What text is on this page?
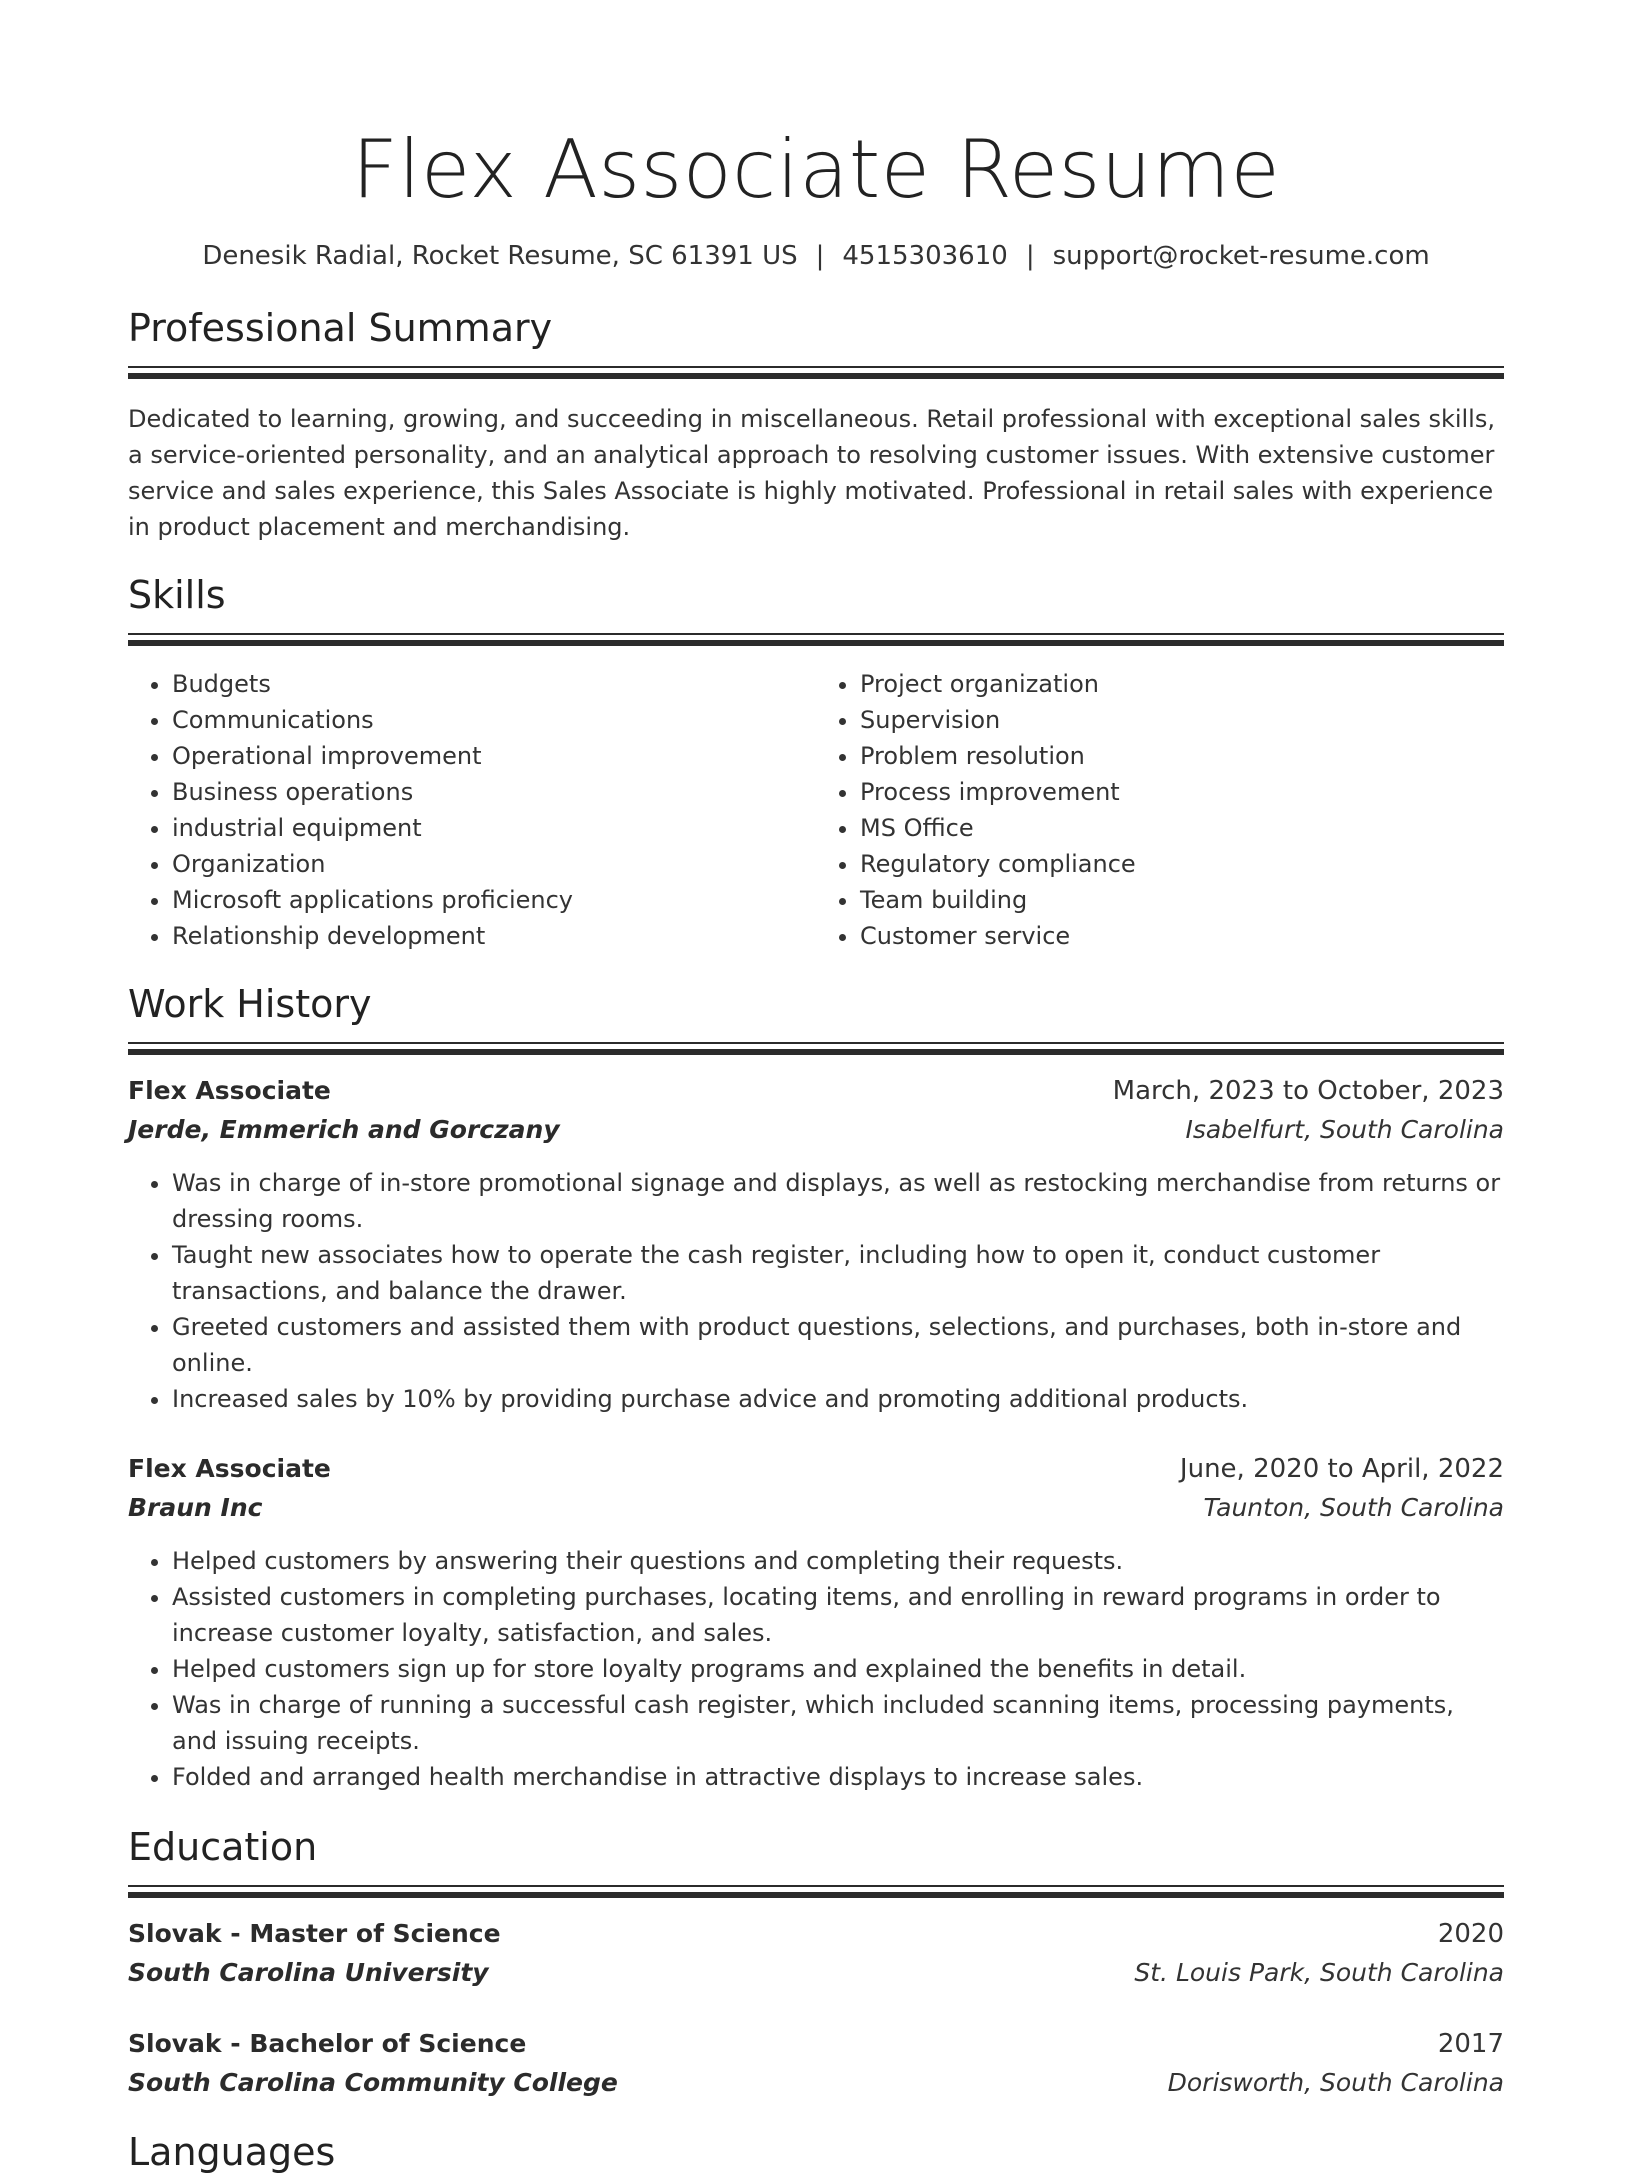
Flex Associate Resume
Denesik Radial, Rocket Resume, SC 61391 US | 4515303610 | support@rocket-resume.com
Professional Summary

Dedicated to learning, growing, and succeeding in miscellaneous. Retail professional with exceptional sales skills, a service-oriented personality, and an analytical approach to resolving customer issues. With extensive customer service and sales experience, this Sales Associate is highly motivated. Professional in retail sales with experience in product placement and merchandising.

Skills
• Budgets
• Communications
• Operational improvement
• Business operations
• industrial equipment
• Organization
• Microsoft applications proficiency
• Relationship development
• Project organization
• Supervision
• Problem resolution
• Process improvement
• MS Office
• Regulatory compliance
• Team building
• Customer service
Work History
Flex Associate	March, 2023 to October, 2023
Jerde, Emmerich and Gorczany	Isabelfurt, South Carolina
• Was in charge of in-store promotional signage and displays, as well as restocking merchandise from returns or dressing rooms.
• Taught new associates how to operate the cash register, including how to open it, conduct customer transactions, and balance the drawer.
• Greeted customers and assisted them with product questions, selections, and purchases, both in-store and online.
• Increased sales by 10% by providing purchase advice and promoting additional products.
Flex Associate	June, 2020 to April, 2022
Braun Inc	Taunton, South Carolina
• Helped customers by answering their questions and completing their requests.
• Assisted customers in completing purchases, locating items, and enrolling in reward programs in order to increase customer loyalty, satisfaction, and sales.
• Helped customers sign up for store loyalty programs and explained the benefits in detail.
• Was in charge of running a successful cash register, which included scanning items, processing payments, and issuing receipts.
• Folded and arranged health merchandise in attractive displays to increase sales.
Education
Slovak - Master of Science	2020
South Carolina University	St. Louis Park, South Carolina
Slovak - Bachelor of Science	2017
South Carolina Community College	Dorisworth, South Carolina
Languages
